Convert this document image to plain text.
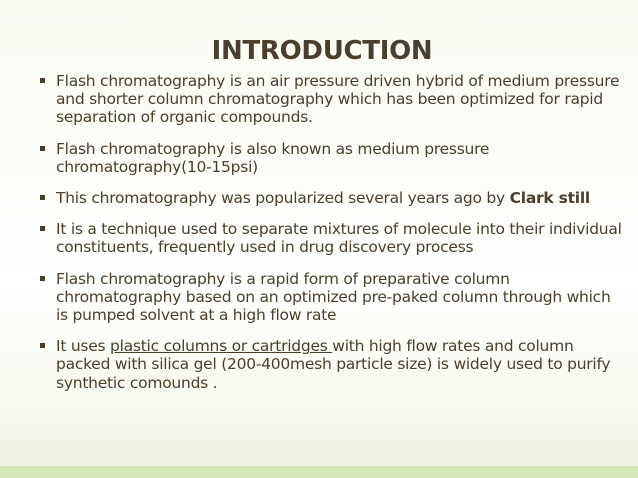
INTRODUCTION
Flash chromatography is an air pressure driven hybrid of medium pressure and shorter column chromatography which has been optimized for rapid separation of organic compounds.
Flash chromatography is also known as medium pressure chromatography(10-15psi)
This chromatography was popularized several years ago by Clark still
It is a technique used to separate mixtures of molecule into their individual constituents, frequently used in drug discovery process
Flash chromatography is a rapid form of preparative column chromatography based on an optimized pre-paked column through which is pumped solvent at a high flow rate
It uses plastic columns or cartridges with high flow rates and column packed with silica gel (200-400mesh particle size) is widely used to purify synthetic comounds .
